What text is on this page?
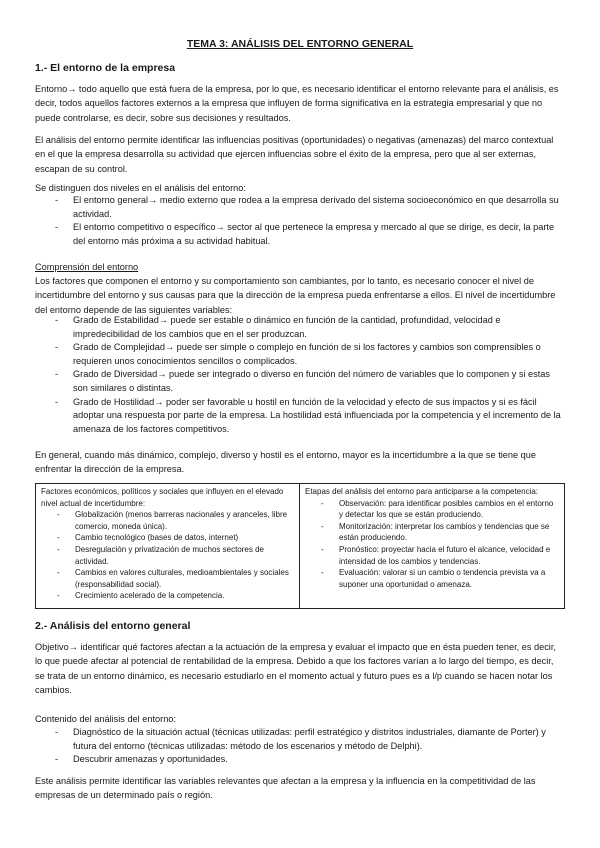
TEMA 3: ANÁLISIS DEL ENTORNO GENERAL
1.- El entorno de la empresa
Entorno→ todo aquello que está fuera de la empresa, por lo que, es necesario identificar el entorno relevante para el análisis, es decir, todos aquellos factores externos a la empresa que influyen de forma significativa en la estrategia empresarial y que no puede controlarse, es decir, sobre sus decisiones y resultados.
El análisis del entorno permite identificar las influencias positivas (oportunidades) o negativas (amenazas) del marco contextual en el que la empresa desarrolla su actividad que ejercen influencias sobre el éxito de la empresa, pero que al ser externas, escapan de su control.
Se distinguen dos niveles en el análisis del entorno:
- El entorno general→ medio externo que rodea a la empresa derivado del sistema socioeconómico en que desarrolla su actividad.
- El entorno competitivo o específico→ sector al que pertenece la empresa y mercado al que se dirige, es decir, la parte del entorno más próxima a su actividad habitual.
Comprensión del entorno
Los factores que componen el entorno y su comportamiento son cambiantes, por lo tanto, es necesario conocer el nivel de incertidumbre del entorno y sus causas para que la dirección de la empresa pueda enfrentarse a ellos. El nivel de incertidumbre del entorno depende de las siguientes variables:
- Grado de Estabilidad→ puede ser estable o dinámico en función de la cantidad, profundidad, velocidad e impredecibilidad de los cambios que en el ser produzcan.
- Grado de Complejidad→ puede ser simple o complejo en función de si los factores y cambios son comprensibles o requieren unos conocimientos sencillos o complicados.
- Grado de Diversidad→ puede ser integrado o diverso en función del número de variables que lo componen y si estas son similares o distintas.
- Grado de Hostilidad→ poder ser favorable u hostil en función de la velocidad y efecto de sus impactos y si es fácil adoptar una respuesta por parte de la empresa. La hostilidad está influenciada por la competencia y el incremento de la amenaza de los factores competitivos.
En general, cuando más dinámico, complejo, diverso y hostil es el entorno, mayor es la incertidumbre a la que se tiene que enfrentar la dirección de la empresa.
Factores económicos, políticos y sociales que influyen en el elevado nivel actual de incertidumbre:
- Globalización (menos barreras nacionales y aranceles, libre comercio, moneda única).
- Cambio tecnológico (bases de datos, internet)
- Desregulación y privatización de muchos sectores de actividad.
- Cambios en valores culturales, medioambientales y sociales (responsabilidad social).
- Crecimiento acelerado de la competencia.
Etapas del análisis del entorno para anticiparse a la competencia:
- Observación: para identificar posibles cambios en el entorno y detectar los que se están produciendo.
- Monitorización: interpretar los cambios y tendencias que se están produciendo.
- Pronóstico: proyectar hacia el futuro el alcance, velocidad e intensidad de los cambios y tendencias.
- Evaluación: valorar si un cambio o tendencia prevista va a suponer una oportunidad o amenaza.
2.- Análisis del entorno general
Objetivo→ identificar qué factores afectan a la actuación de la empresa y evaluar el impacto que en ésta pueden tener, es decir, lo que puede afectar al potencial de rentabilidad de la empresa. Debido a que los factores varían a lo largo del tiempo, es decir, se trata de un entorno dinámico, es necesario estudiarlo en el momento actual y futuro pues es a l/p cuando se hacen notar los cambios.
Contenido del análisis del entorno:
- Diagnóstico de la situación actual (técnicas utilizadas: perfil estratégico y distritos industriales, diamante de Porter) y futura del entorno (técnicas utilizadas: método de los escenarios y método de Delphi).
- Descubrir amenazas y oportunidades.
Este análisis permite identificar las variables relevantes que afectan a la empresa y la influencia en la competitividad de las empresas de un determinado país o región.
